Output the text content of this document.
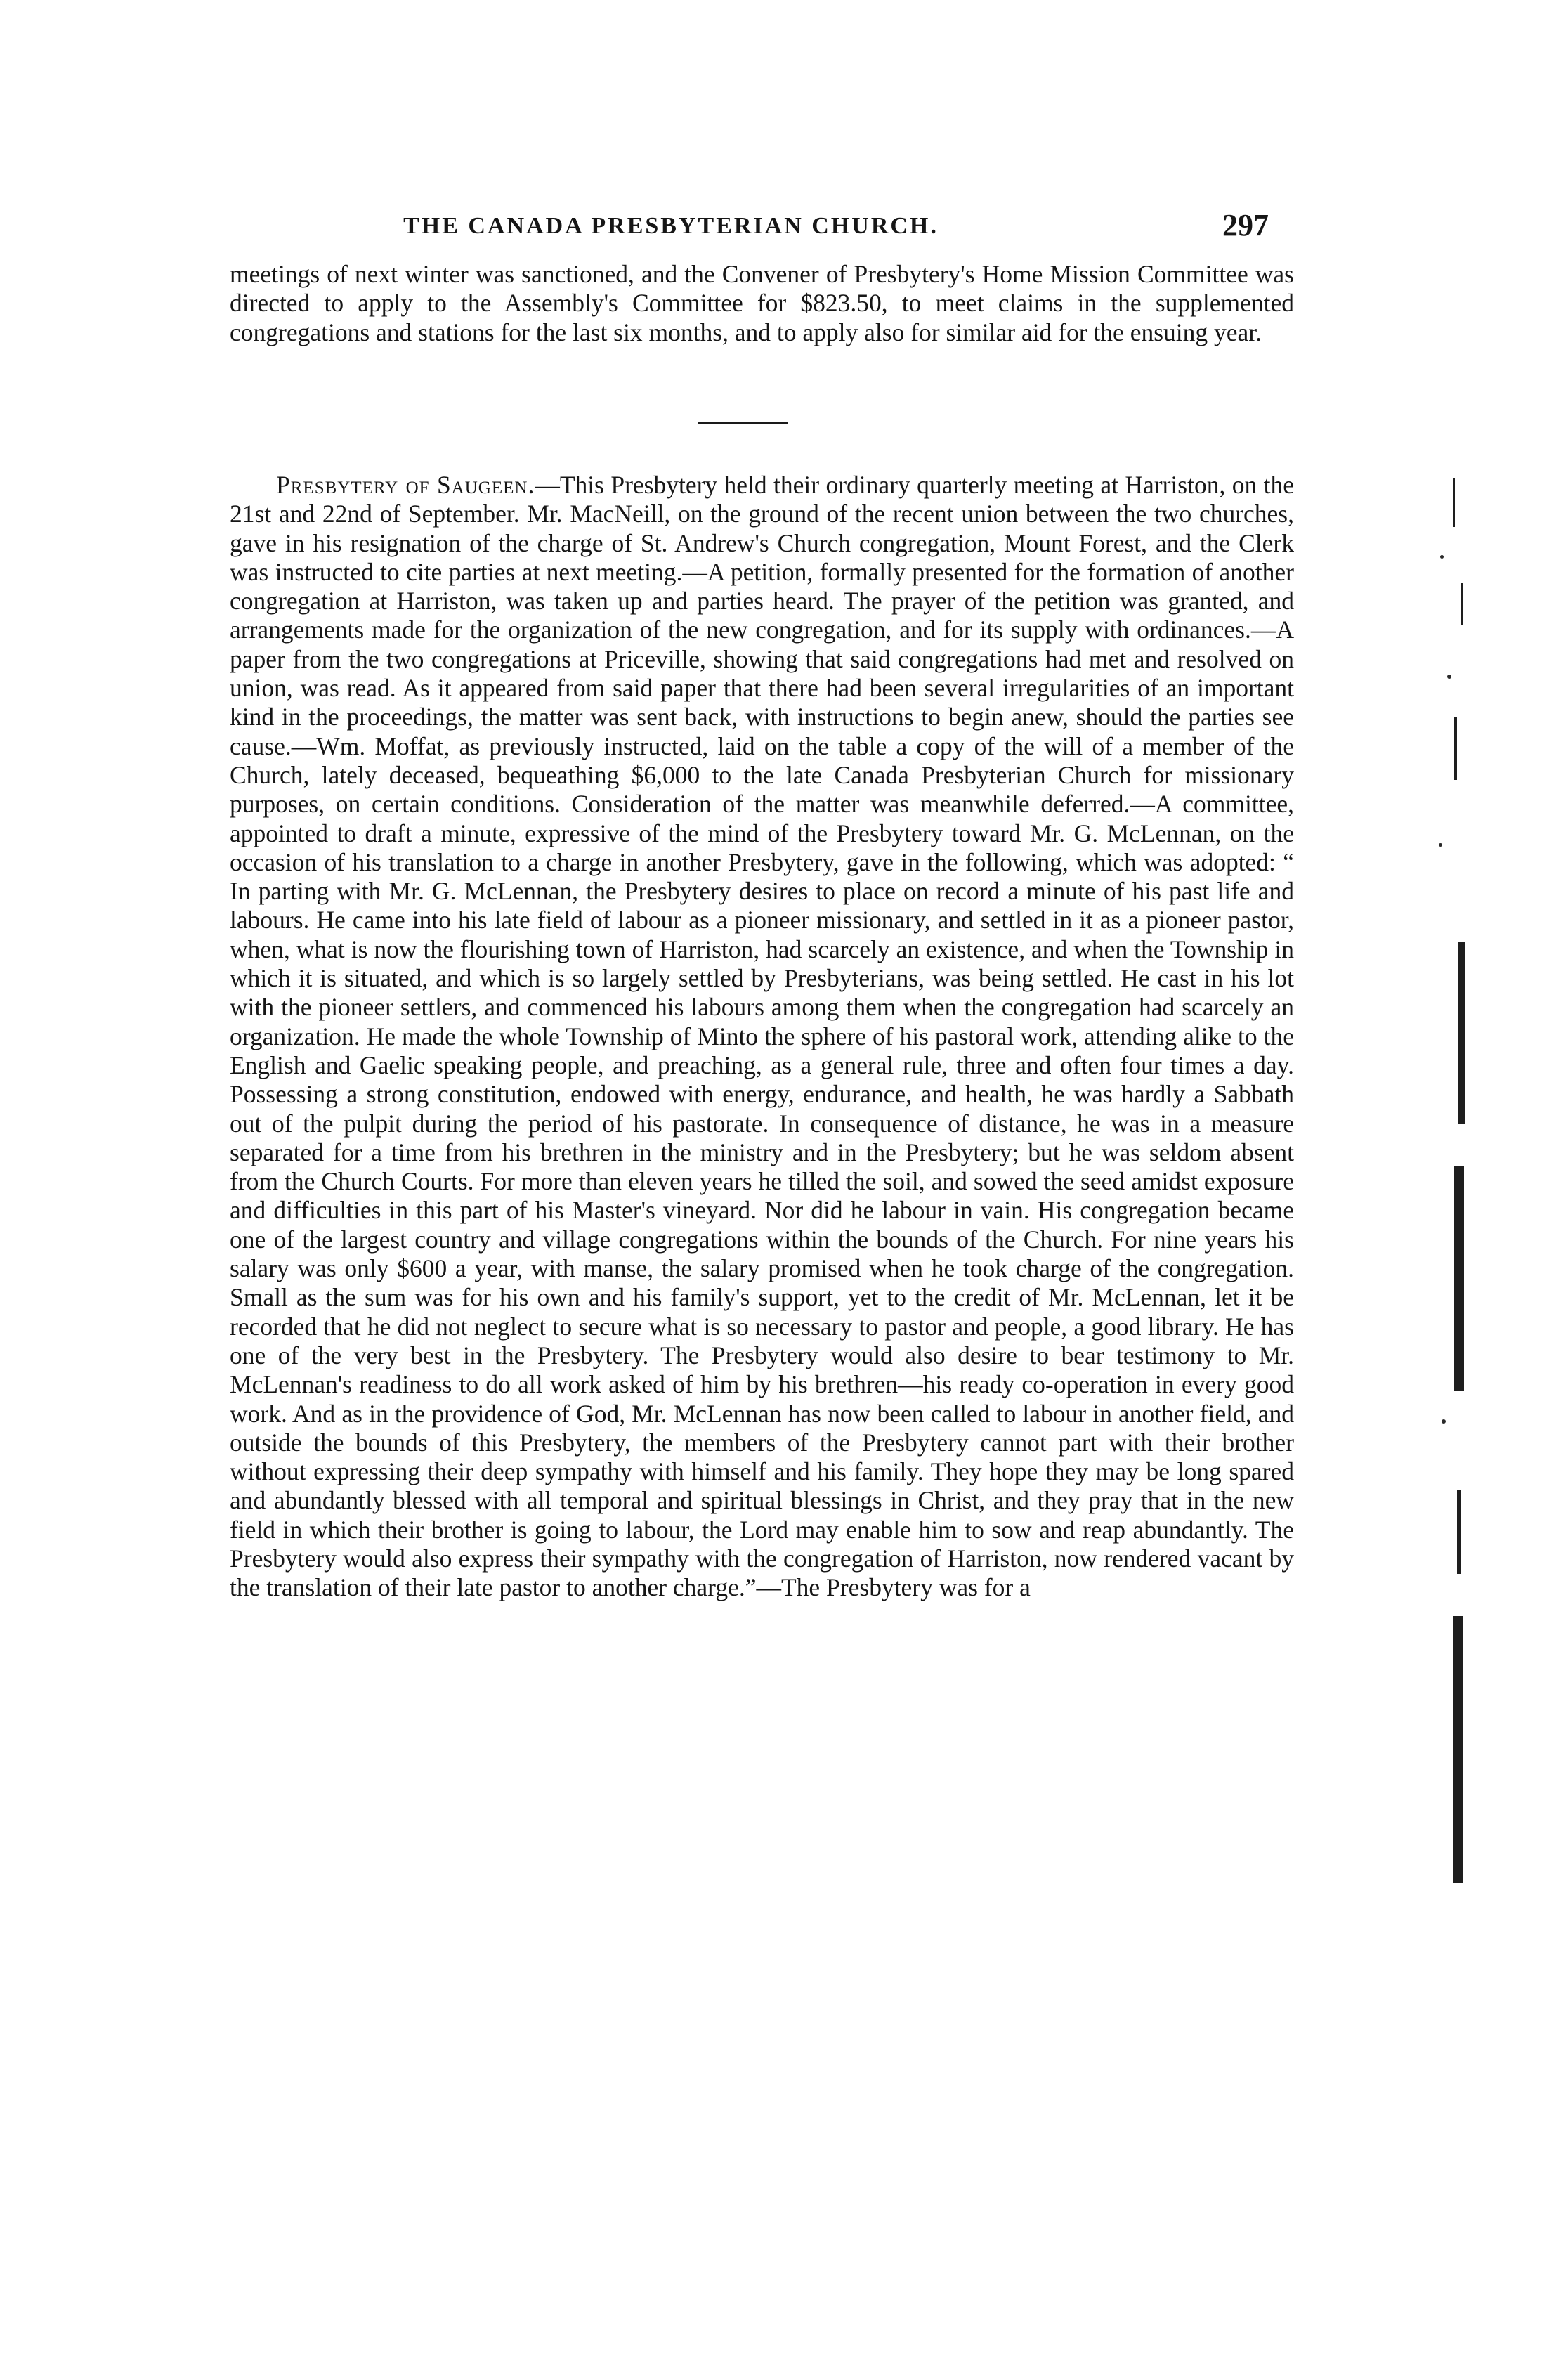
THE CANADA PRESBYTERIAN CHURCH.	297

meetings of next winter was sanctioned, and the Convener of Presbytery's Home Mission Committee was directed to apply to the Assembly's Committee for $823.50, to meet claims in the supplemented congregations and stations for the last six months, and to apply also for similar aid for the ensuing year.

Presbytery of Saugeen.—This Presbytery held their ordinary quarterly meeting at Harriston, on the 21st and 22nd of September. Mr. MacNeill, on the ground of the recent union between the two churches, gave in his resignation of the charge of St. Andrew's Church congregation, Mount Forest, and the Clerk was instructed to cite parties at next meeting.—A petition, formally presented for the formation of another congregation at Harriston, was taken up and parties heard. The prayer of the petition was granted, and arrangements made for the organization of the new congregation, and for its supply with ordinances.—A paper from the two congregations at Priceville, showing that said congregations had met and resolved on union, was read. As it appeared from said paper that there had been several irregularities of an important kind in the proceedings, the matter was sent back, with instructions to begin anew, should the parties see cause.—Wm. Moffat, as previously instructed, laid on the table a copy of the will of a member of the Church, lately deceased, bequeathing $6,000 to the late Canada Presbyterian Church for missionary purposes, on certain conditions. Consideration of the matter was meanwhile deferred.—A committee, appointed to draft a minute, expressive of the mind of the Presbytery toward Mr. G. McLennan, on the occasion of his translation to a charge in another Presbytery, gave in the following, which was adopted: “ In parting with Mr. G. McLennan, the Presbytery desires to place on record a minute of his past life and labours. He came into his late field of labour as a pioneer missionary, and settled in it as a pioneer pastor, when, what is now the flourishing town of Harriston, had scarcely an existence, and when the Township in which it is situated, and which is so largely settled by Presbyterians, was being settled. He cast in his lot with the pioneer settlers, and commenced his labours among them when the congregation had scarcely an organization. He made the whole Township of Minto the sphere of his pastoral work, attending alike to the English and Gaelic speaking people, and preaching, as a general rule, three and often four times a day. Possessing a strong constitution, endowed with energy, endurance, and health, he was hardly a Sabbath out of the pulpit during the period of his pastorate. In consequence of distance, he was in a measure separated for a time from his brethren in the ministry and in the Presbytery; but he was seldom absent from the Church Courts. For more than eleven years he tilled the soil, and sowed the seed amidst exposure and difficulties in this part of his Master's vineyard. Nor did he labour in vain. His congregation became one of the largest country and village congregations within the bounds of the Church. For nine years his salary was only $600 a year, with manse, the salary promised when he took charge of the congregation. Small as the sum was for his own and his family's support, yet to the credit of Mr. McLennan, let it be recorded that he did not neglect to secure what is so necessary to pastor and people, a good library. He has one of the very best in the Presbytery. The Presbytery would also desire to bear testimony to Mr. McLennan's readiness to do all work asked of him by his brethren—his ready co-operation in every good work. And as in the providence of God, Mr. McLennan has now been called to labour in another field, and outside the bounds of this Presbytery, the members of the Presbytery cannot part with their brother without expressing their deep sympathy with himself and his family. They hope they may be long spared and abundantly blessed with all temporal and spiritual blessings in Christ, and they pray that in the new field in which their brother is going to labour, the Lord may enable him to sow and reap abundantly. The Presbytery would also express their sympathy with the congregation of Harriston, now rendered vacant by the translation of their late pastor to another charge.”—The Presbytery was for a
